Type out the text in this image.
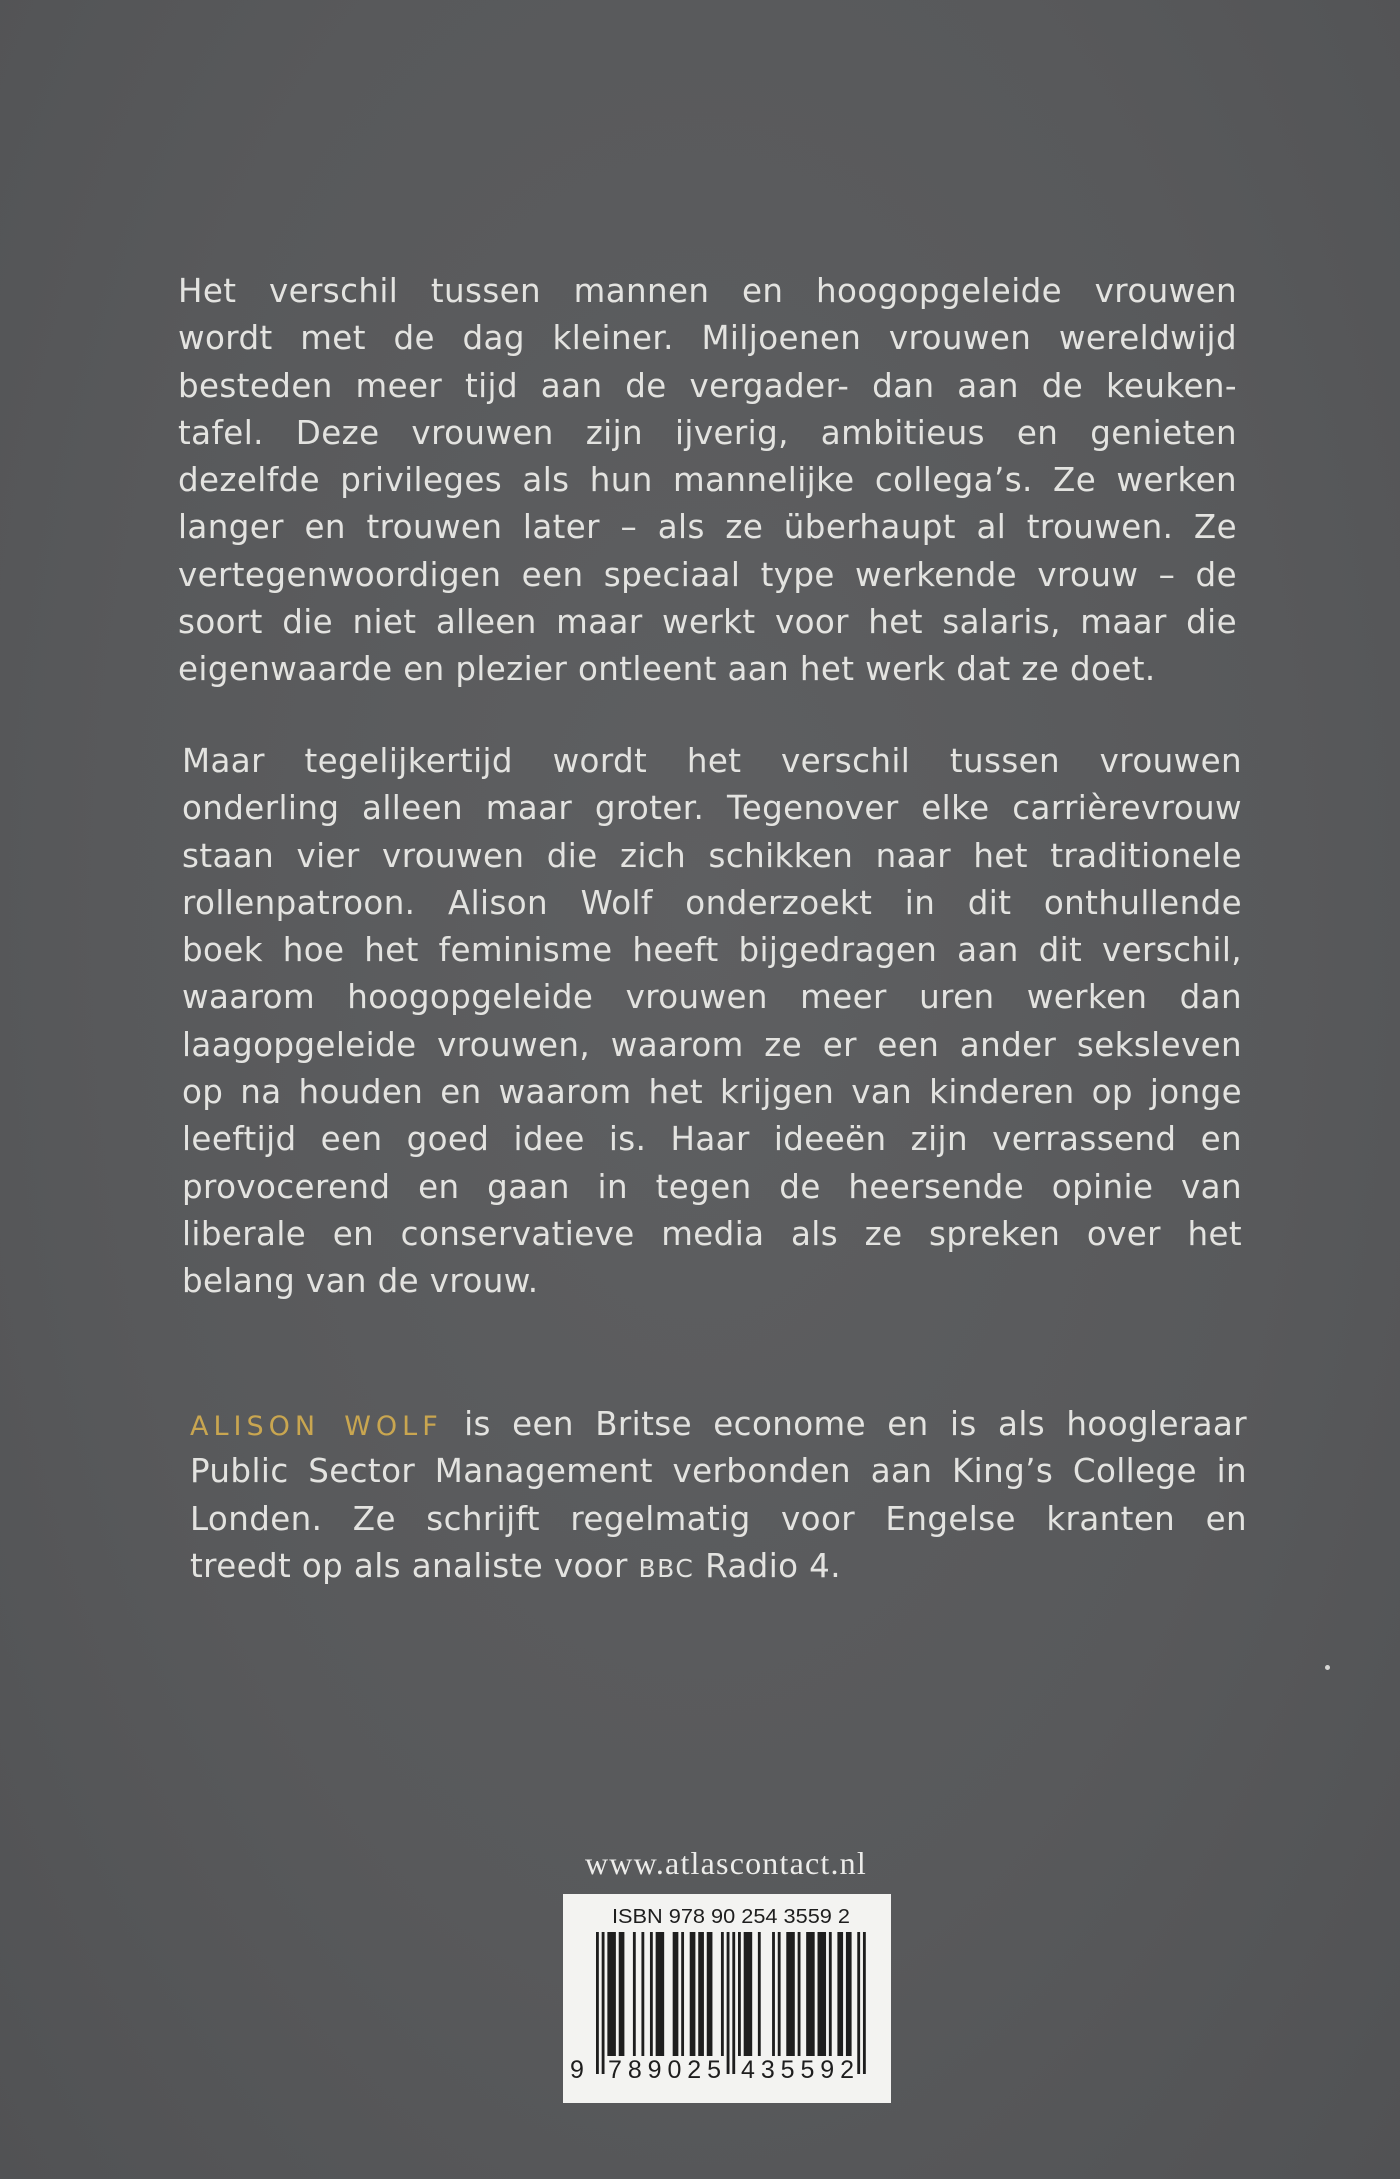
Het verschil tussen mannen en hoogopgeleide vrouwen
wordt met de dag kleiner. Miljoenen vrouwen wereldwijd
besteden meer tijd aan de vergader- dan aan de keuken-
tafel. Deze vrouwen zijn ijverig, ambitieus en genieten
dezelfde privileges als hun mannelijke collega’s. Ze werken
langer en trouwen later – als ze überhaupt al trouwen. Ze
vertegenwoordigen een speciaal type werkende vrouw – de
soort die niet alleen maar werkt voor het salaris, maar die
eigenwaarde en plezier ontleent aan het werk dat ze doet.
Maar tegelijkertijd wordt het verschil tussen vrouwen
onderling alleen maar groter. Tegenover elke carrièrevrouw
staan vier vrouwen die zich schikken naar het traditionele
rollenpatroon. Alison Wolf onderzoekt in dit onthullende
boek hoe het feminisme heeft bijgedragen aan dit verschil,
waarom hoogopgeleide vrouwen meer uren werken dan
laagopgeleide vrouwen, waarom ze er een ander seksleven
op na houden en waarom het krijgen van kinderen op jonge
leeftijd een goed idee is. Haar ideeën zijn verrassend en
provocerend en gaan in tegen de heersende opinie van
liberale en conservatieve media als ze spreken over het
belang van de vrouw.
ALISON WOLF is een Britse econome en is als hoogleraar
Public Sector Management verbonden aan King’s College in
Londen. Ze schrijft regelmatig voor Engelse kranten en
treedt op als analiste voor BBC Radio 4.
www.atlascontact.nl
ISBN 978 90 254 3559 2
9 789025 435592
